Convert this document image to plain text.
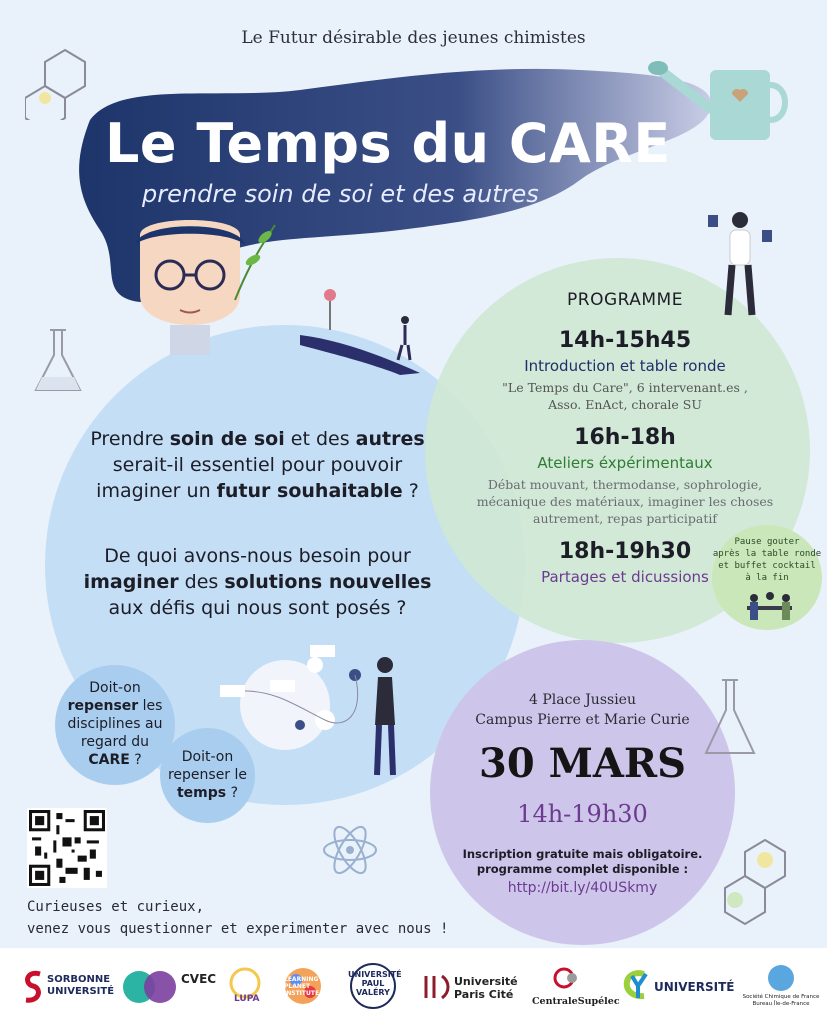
Le Futur désirable des jeunes chimistes
Le Temps du CARE
prendre soin de soi et des autres
Prendre soin de soi et des autres
serait-il essentiel pour pouvoir
imaginer un futur souhaitable ?
De quoi avons-nous besoin pour
imaginer des solutions nouvelles
aux défis qui nous sont posés ?
Doit-on
repenser les
disciplines au
regard du
CARE ?	Doit-on
repenser le
temps ?
PROGRAMME
14h-15h45
Introduction et table ronde
"Le Temps du Care", 6 intervenant.es ,
Asso. EnAct, chorale SU
16h-18h
Ateliers éxpérimentaux
Débat mouvant, thermodanse, sophrologie,
mécanique des matériaux, imaginer les choses
autrement, repas participatif
18h-19h30
Partages et dicussions
Pause gouter
après la table ronde
et buffet cocktail
à la fin
4 Place Jussieu
Campus Pierre et Marie Curie
30 MARS
14h-19h30
Inscription gratuite mais obligatoire.
programme complet disponible :
http://bit.ly/40USkmy
Curieuses et curieux,
venez vous questionner et experimenter avec nous !
SORBONNE
UNIVERSITÉ
CVEC
LUPA
LEARNING
PLANET
INSTITUTE
UNIVERSITÉ
PAUL
VALÉRY
Université
Paris Cité
CentraleSupélec
UNIVERSITÉ
Société Chimique de France
Bureau Île-de-France
